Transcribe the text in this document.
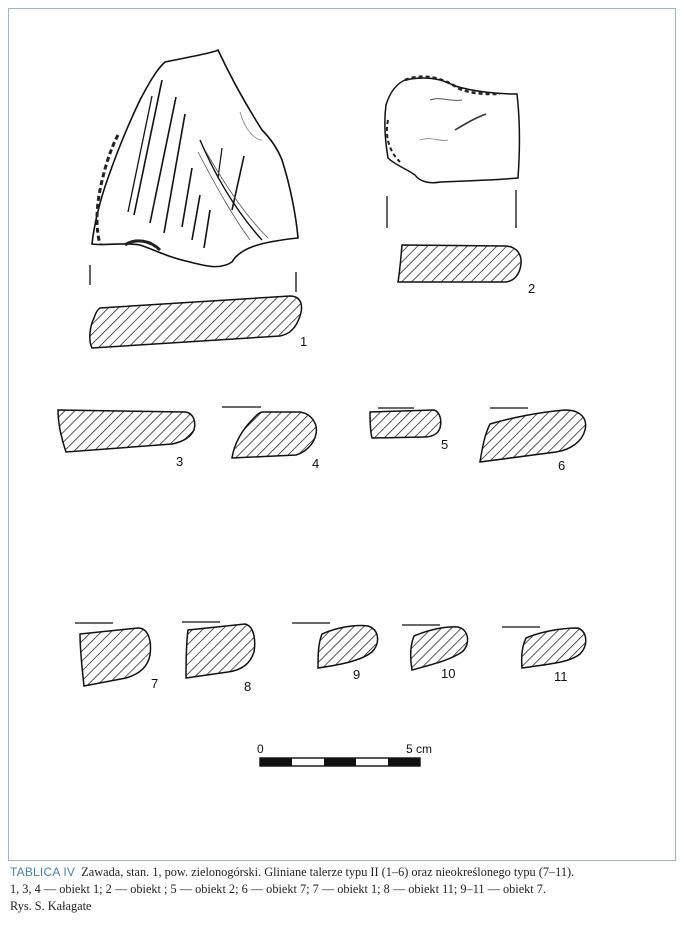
1
2
3	4
5
6
7	8
9	10	11
0	5 cm
TABLICA IV Zawada, stan. 1, pow. zielonogórski. Gliniane talerze typu II (1–6) oraz nieokreślonego typu (7–11).
1, 3, 4 — obiekt 1; 2 — obiekt ; 5 — obiekt 2; 6 — obiekt 7; 7 — obiekt 1; 8 — obiekt 11; 9–11 — obiekt 7.
Rys. S. Kałagate
